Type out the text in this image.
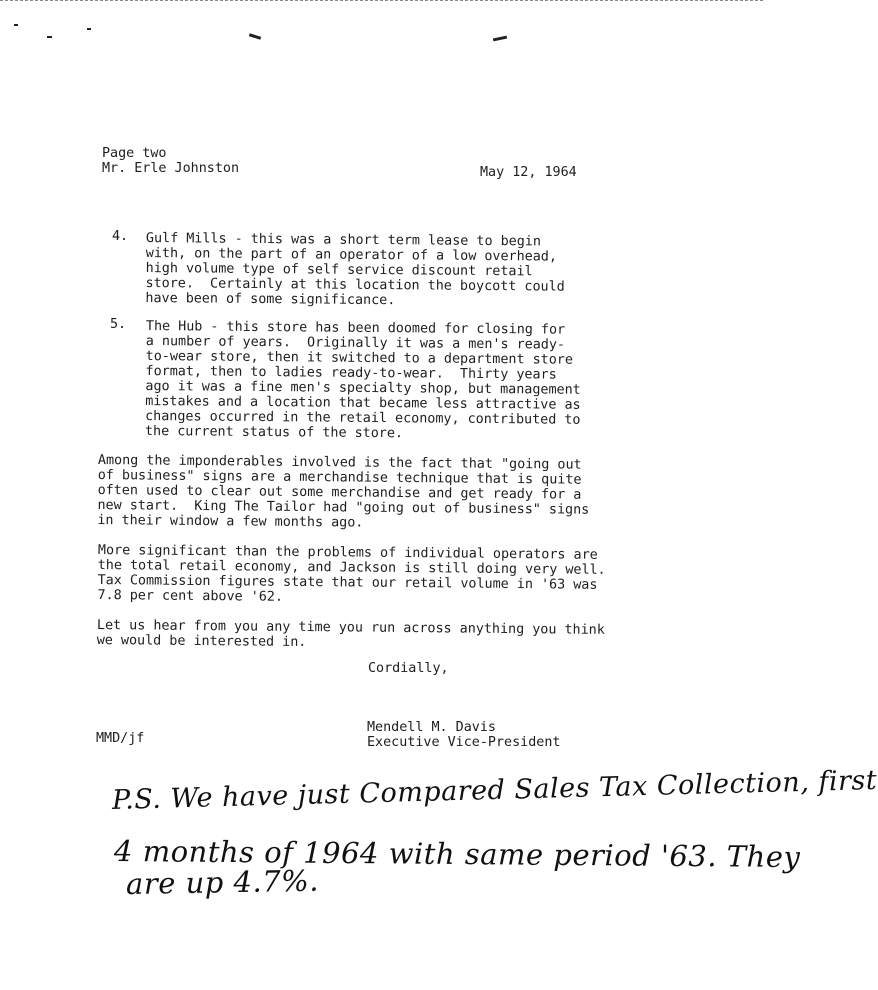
Page two
Mr. Erle Johnston	May 12, 1964
4. Gulf Mills - this was a short term lease to begin
with, on the part of an operator of a low overhead,
high volume type of self service discount retail
store.  Certainly at this location the boycott could
have been of some significance.
5. The Hub - this store has been doomed for closing for
a number of years.  Originally it was a men's ready-
to-wear store, then it switched to a department store
format, then to ladies ready-to-wear.  Thirty years
ago it was a fine men's specialty shop, but management
mistakes and a location that became less attractive as
changes occurred in the retail economy, contributed to
the current status of the store.
Among the imponderables involved is the fact that "going out
of business" signs are a merchandise technique that is quite
often used to clear out some merchandise and get ready for a
new start.  King The Tailor had "going out of business" signs
in their window a few months ago.
More significant than the problems of individual operators are
the total retail economy, and Jackson is still doing very well.
Tax Commission figures state that our retail volume in '63 was
7.8 per cent above '62.
Let us hear from you any time you run across anything you think
we would be interested in.
Cordially,
Mendell M. Davis
Executive Vice-President
MMD/jf
P.S. We have just Compared Sales Tax Collection, first
4 months of 1964 with same period '63. They
are up 4.7%.
